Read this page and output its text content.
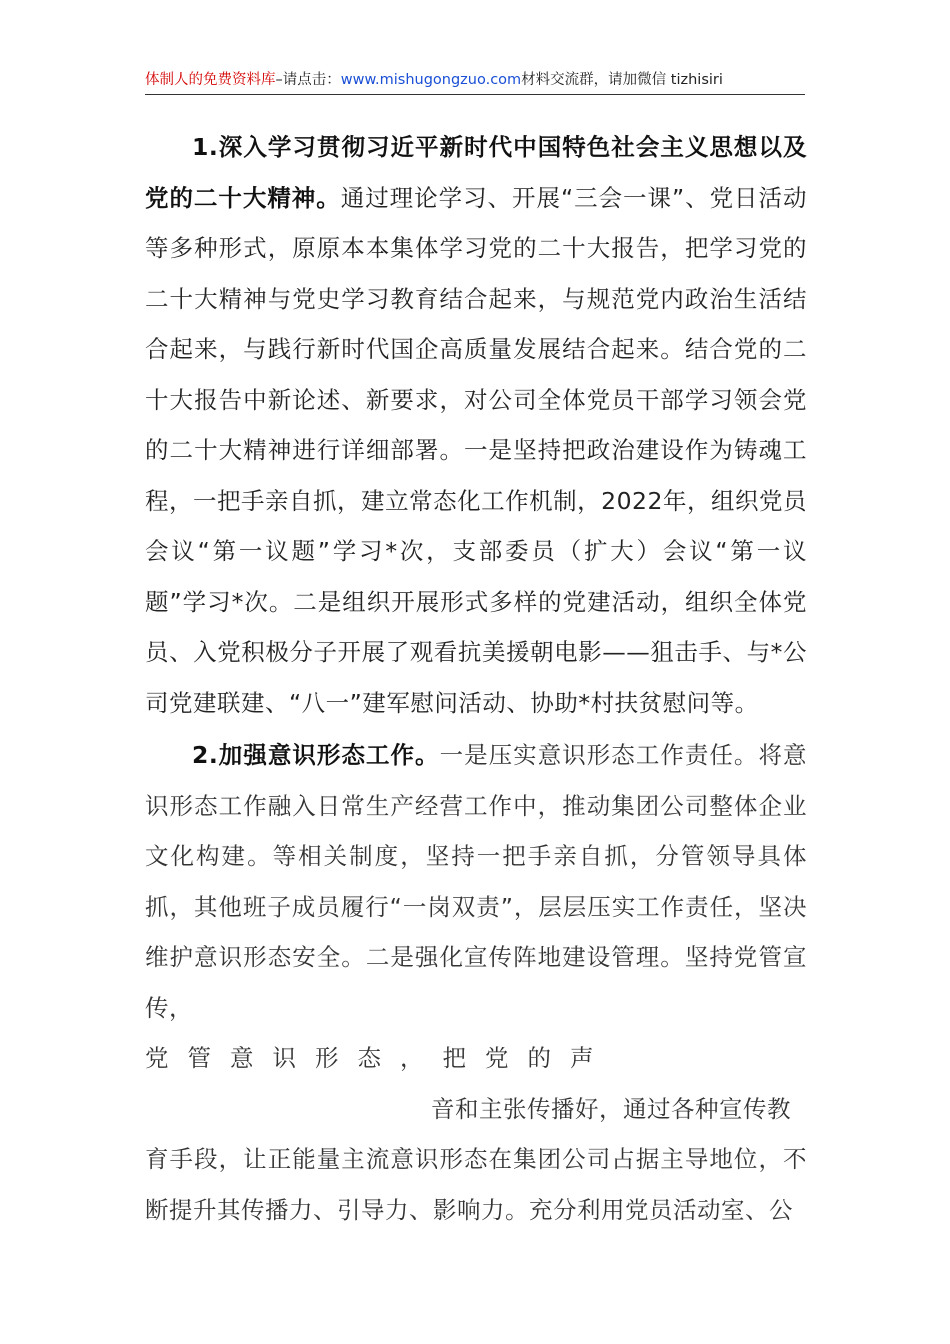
体制人的免费资料库–请点击：www.mishugongzuo.com材料交流群，请加微信 tizhisiri

1.深入学习贯彻习近平新时代中国特色社会主义思想以及党的二十大精神。通过理论学习、开展“三会一课”、党日活动等多种形式，原原本本集体学习党的二十大报告，把学习党的二十大精神与党史学习教育结合起来，与规范党内政治生活结合起来，与践行新时代国企高质量发展结合起来。结合党的二十大报告中新论述、新要求，对公司全体党员干部学习领会党的二十大精神进行详细部署。一是坚持把政治建设作为铸魂工程，一把手亲自抓，建立常态化工作机制，2022年，组织党员会议“第一议题”学习*次，支部委员（扩大）会议“第一议题”学习*次。二是组织开展形式多样的党建活动，组织全体党员、入党积极分子开展了观看抗美援朝电影——狙击手、与*公司党建联建、“八一”建军慰问活动、协助*村扶贫慰问等。

2.加强意识形态工作。一是压实意识形态工作责任。将意识形态工作融入日常生产经营工作中，推动集团公司整体企业文化构建。等相关制度，坚持一把手亲自抓，分管领导具体抓，其他班子成员履行“一岗双责”，层层压实工作责任，坚决维护意识形态安全。二是强化宣传阵地建设管理。坚持党管宣传，
党管意识形态，把党的声
音和主张传播好，通过各种宣传教
育手段，让正能量主流意识形态在集团公司占据主导地位，不断提升其传播力、引导力、影响力。充分利用党员活动室、公
